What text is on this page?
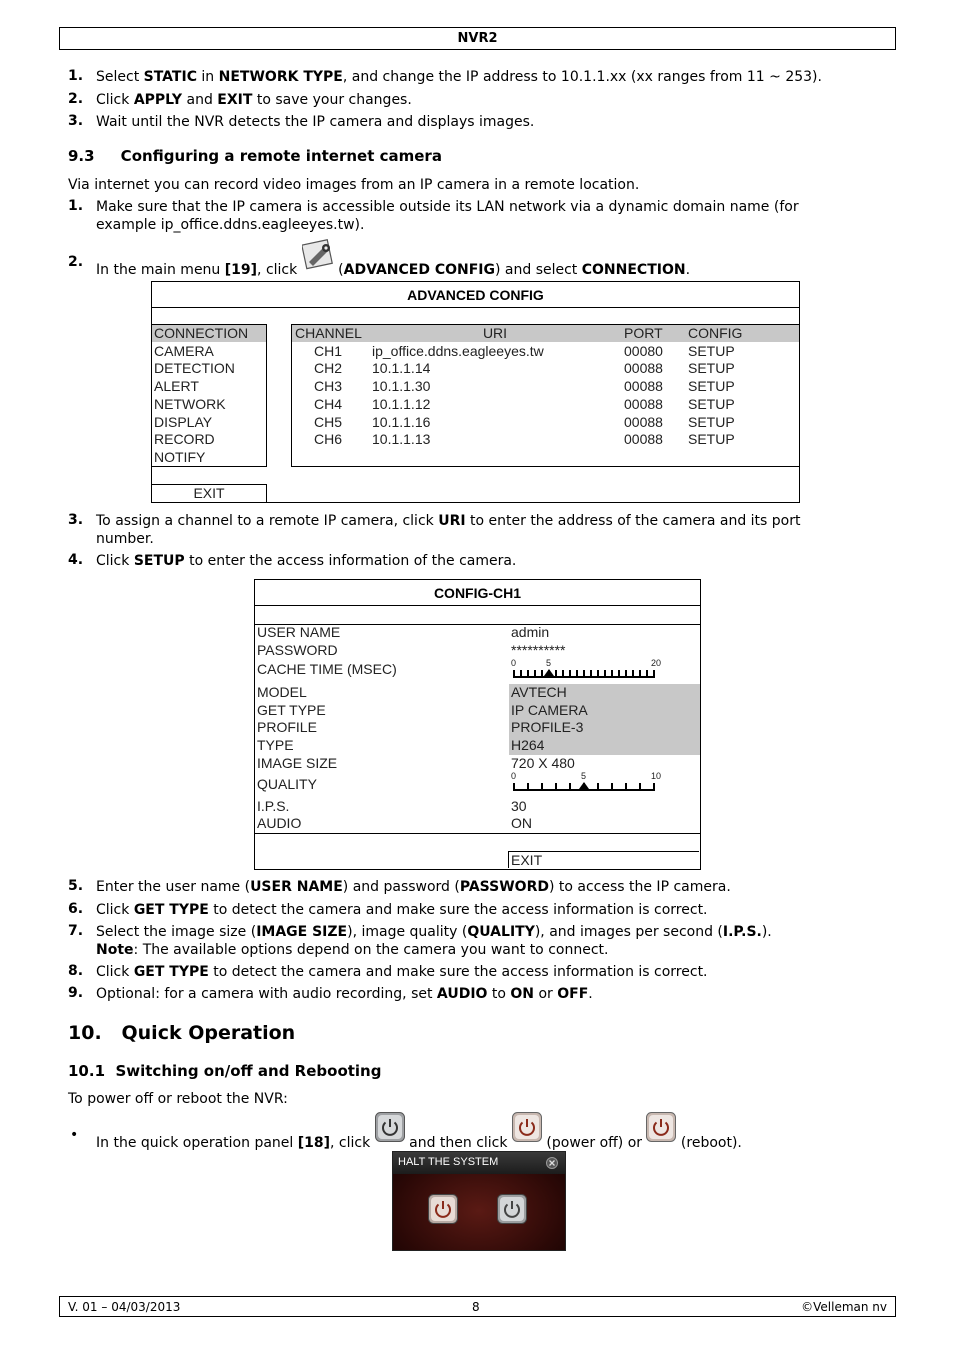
NVR2
1. Select STATIC in NETWORK TYPE, and change the IP address to 10.1.1.xx (xx ranges from 11 ~ 253).
2. Click APPLY and EXIT to save your changes.
3. Wait until the NVR detects the IP camera and displays images.
9.3     Configuring a remote internet camera
Via internet you can record video images from an IP camera in a remote location.
1. Make sure that the IP camera is accessible outside its LAN network via a dynamic domain name (for
example ip_office.ddns.eagleeyes.tw).
2. In the main menu [19], click  (ADVANCED CONFIG) and select CONNECTION.
ADVANCED CONFIG
CONNECTION
CAMERA
DETECTION
ALERT
NETWORK
DISPLAY
RECORD
NOTIFY
CHANNEL	URI	PORT CONFIG
CH1 ip_office.ddns.eagleeyes.tw	00080 SETUP
CH2 10.1.1.14	00088 SETUP
CH3 10.1.1.30	00088 SETUP
CH4 10.1.1.12	00088 SETUP
CH5 10.1.1.16	00088 SETUP
CH6 10.1.1.13	00088 SETUP
EXIT
3. To assign a channel to a remote IP camera, click URI to enter the address of the camera and its port
number.
4. Click SETUP to enter the access information of the camera.
CONFIG-CH1
USER NAME	admin
PASSWORD	**********
CACHE TIME (MSEC)
MODEL	AVTECH
GET TYPE	IP CAMERA
PROFILE	PROFILE-3
TYPE	H264
IMAGE SIZE	720 X 480
QUALITY
I.P.S.	30
AUDIO	ON
0	5	20
0	5	10
EXIT
5. Enter the user name (USER NAME) and password (PASSWORD) to access the IP camera.
6. Click GET TYPE to detect the camera and make sure the access information is correct.
7. Select the image size (IMAGE SIZE), image quality (QUALITY), and images per second (I.P.S.).
Note: The available options depend on the camera you want to connect.
8. Click GET TYPE to detect the camera and make sure the access information is correct.
9. Optional: for a camera with audio recording, set AUDIO to ON or OFF.
10.   Quick Operation
10.1  Switching on/off and Rebooting
To power off or reboot the NVR:
• In the quick operation panel [18], click  and then click  (power off) or  (reboot).
HALT THE SYSTEM
V. 01 – 04/03/2013	8	©Velleman nv
